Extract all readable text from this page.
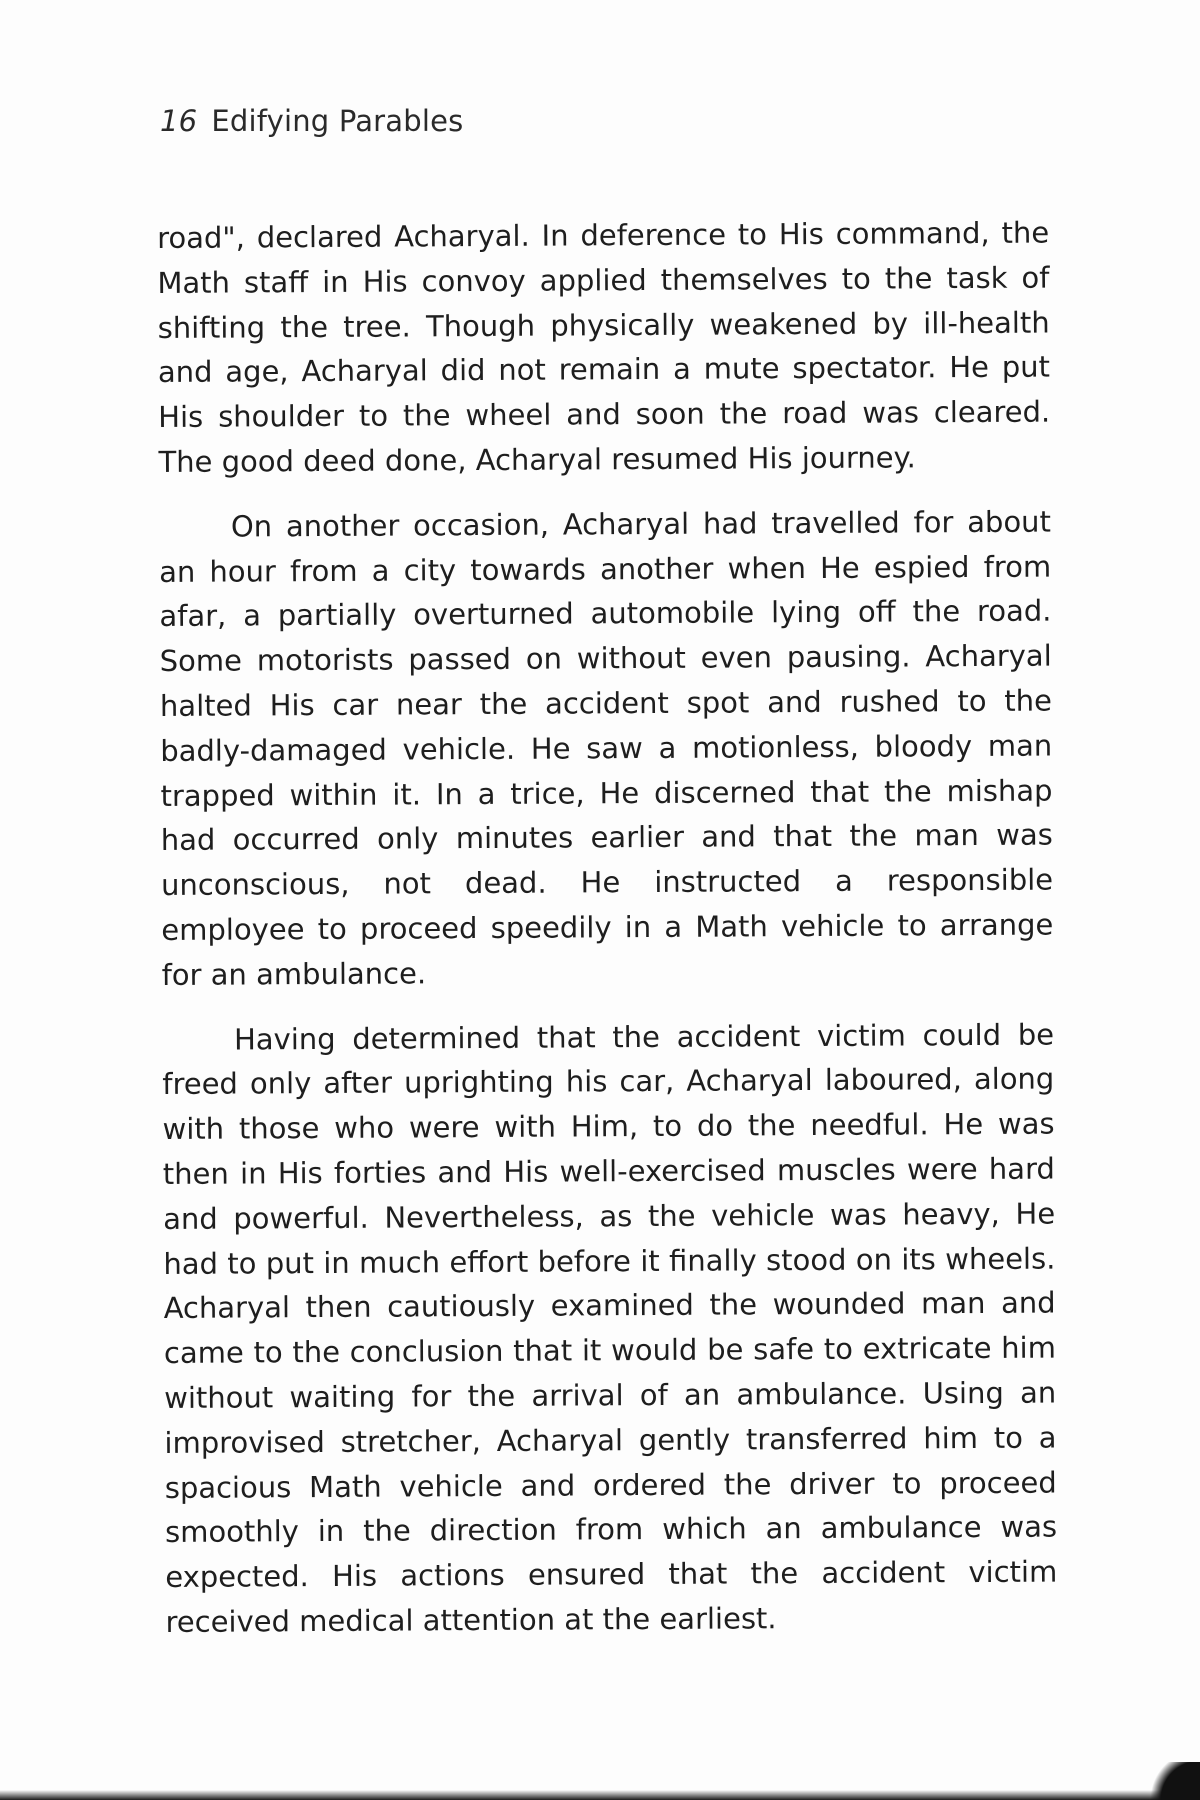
16 Edifying Parables

road", declared Acharyal. In deference to His command, the Math staff in His convoy applied themselves to the task of shifting the tree. Though physically weakened by ill-health and age, Acharyal did not remain a mute spectator. He put His shoulder to the wheel and soon the road was cleared. The good deed done, Acharyal resumed His journey.

On another occasion, Acharyal had travelled for about an hour from a city towards another when He espied from afar, a partially overturned automobile lying off the road. Some motorists passed on without even pausing. Acharyal halted His car near the accident spot and rushed to the badly-damaged vehicle. He saw a motionless, bloody man trapped within it. In a trice, He discerned that the mishap had occurred only minutes earlier and that the man was unconscious, not dead. He instructed a responsible employee to proceed speedily in a Math vehicle to arrange for an ambulance.

Having determined that the accident victim could be freed only after uprighting his car, Acharyal laboured, along with those who were with Him, to do the needful. He was then in His forties and His well-exercised muscles were hard and powerful. Nevertheless, as the vehicle was heavy, He had to put in much effort before it finally stood on its wheels. Acharyal then cautiously examined the wounded man and came to the conclusion that it would be safe to extricate him without waiting for the arrival of an ambulance. Using an improvised stretcher, Acharyal gently transferred him to a spacious Math vehicle and ordered the driver to proceed smoothly in the direction from which an ambulance was expected. His actions ensured that the accident victim received medical attention at the earliest.
